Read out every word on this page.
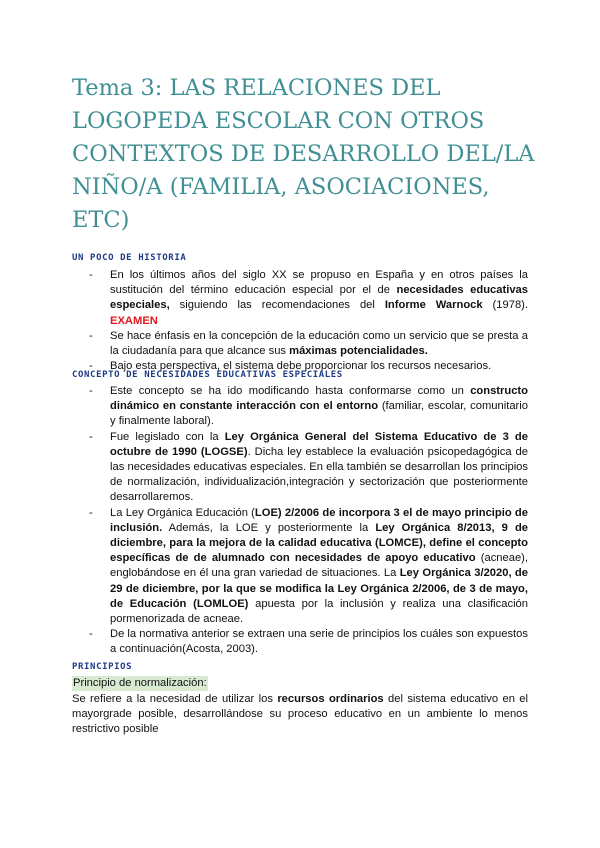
Tema 3: LAS RELACIONES DEL LOGOPEDA ESCOLAR CON OTROS CONTEXTOS DE DESARROLLO DEL/LA NIÑO/A (FAMILIA, ASOCIACIONES, ETC)
UN POCO DE HISTORIA
- En los últimos años del siglo XX se propuso en España y en otros países la sustitución del término educación especial por el de necesidades educativas especiales, siguiendo las recomendaciones del Informe Warnock (1978). EXAMEN
- Se hace énfasis en la concepción de la educación como un servicio que se presta a la ciudadanía para que alcance sus máximas potencialidades.
- Bajo esta perspectiva, el sistema debe proporcionar los recursos necesarios.
CONCEPTO DE NECESIDADES EDUCATIVAS ESPECIALES
- Este concepto se ha ido modificando hasta conformarse como un constructo dinámico en constante interacción con el entorno (familiar, escolar, comunitario y finalmente laboral).
- Fue legislado con la Ley Orgánica General del Sistema Educativo de 3 de octubre de 1990 (LOGSE). Dicha ley establece la evaluación psicopedagógica de las necesidades educativas especiales. En ella también se desarrollan los principios de normalización, individualización,integración y sectorización que posteriormente desarrollaremos.
- La Ley Orgánica Educación (LOE) 2/2006 de incorpora 3 el de mayo principio de inclusión. Además, la LOE y posteriormente la Ley Orgánica 8/2013, 9 de diciembre, para la mejora de la calidad educativa (LOMCE), define el concepto específicas de de alumnado con necesidades de apoyo educativo (acneae), englobándose en él una gran variedad de situaciones. La Ley Orgánica 3/2020, de 29 de diciembre, por la que se modifica la Ley Orgánica 2/2006, de 3 de mayo, de Educación (LOMLOE) apuesta por la inclusión y realiza una clasificación pormenorizada de acneae.
- De la normativa anterior se extraen una serie de principios los cuáles son expuestos a continuación(Acosta, 2003).
PRINCIPIOS
Principio de normalización:

Se refiere a la necesidad de utilizar los recursos ordinarios del sistema educativo en el mayorgrade posible, desarrollándose su proceso educativo en un ambiente lo menos restrictivo posible
